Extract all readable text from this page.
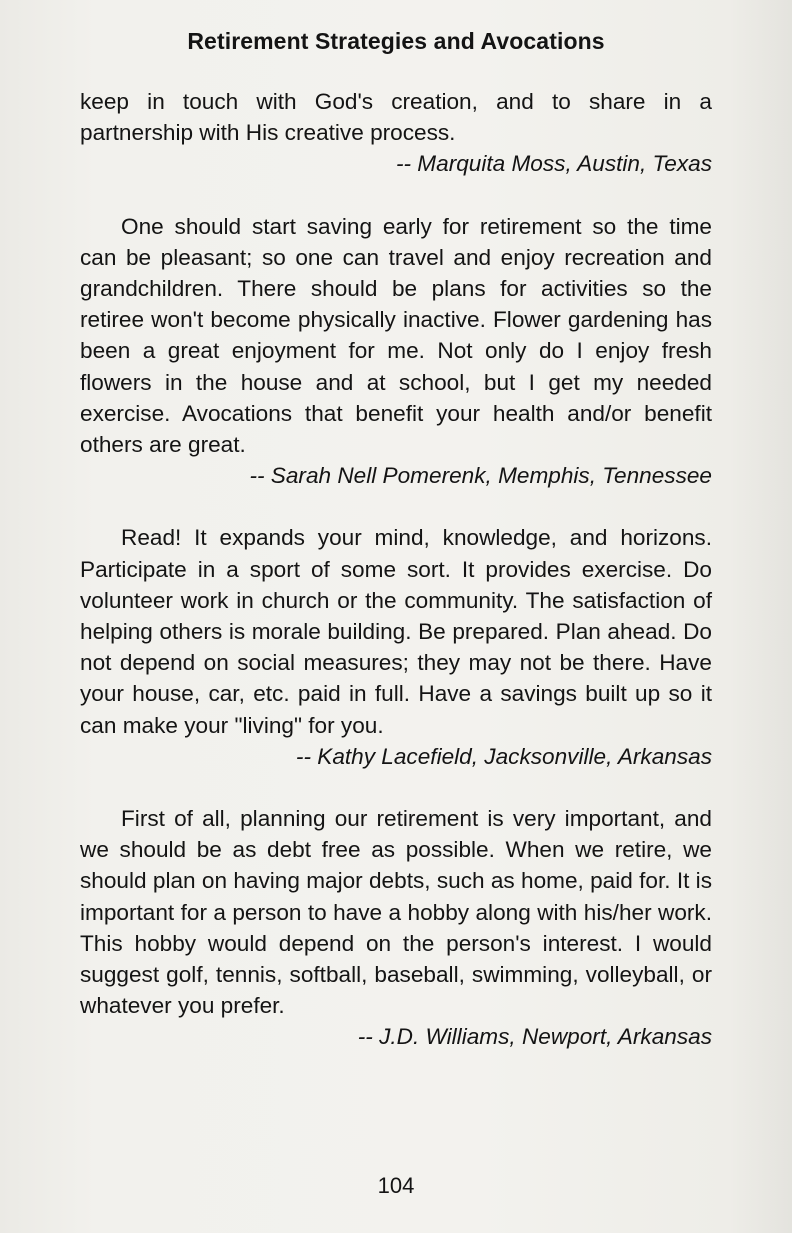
Retirement Strategies and Avocations

keep in touch with God's creation, and to share in a partnership with His creative process.

-- Marquita Moss, Austin, Texas

One should start saving early for retirement so the time can be pleasant; so one can travel and enjoy recreation and grandchildren. There should be plans for activities so the retiree won't become physically inactive. Flower gardening has been a great enjoyment for me. Not only do I enjoy fresh flowers in the house and at school, but I get my needed exercise. Avocations that benefit your health and/or benefit others are great.

-- Sarah Nell Pomerenk, Memphis, Tennessee

Read! It expands your mind, knowledge, and horizons. Participate in a sport of some sort. It provides exercise. Do volunteer work in church or the community. The satisfaction of helping others is morale building. Be prepared. Plan ahead. Do not depend on social measures; they may not be there. Have your house, car, etc. paid in full. Have a savings built up so it can make your "living" for you.

-- Kathy Lacefield, Jacksonville, Arkansas

First of all, planning our retirement is very important, and we should be as debt free as possible. When we retire, we should plan on having major debts, such as home, paid for. It is important for a person to have a hobby along with his/her work. This hobby would depend on the person's interest. I would suggest golf, tennis, softball, baseball, swimming, volleyball, or whatever you prefer.

-- J.D. Williams, Newport, Arkansas

104
